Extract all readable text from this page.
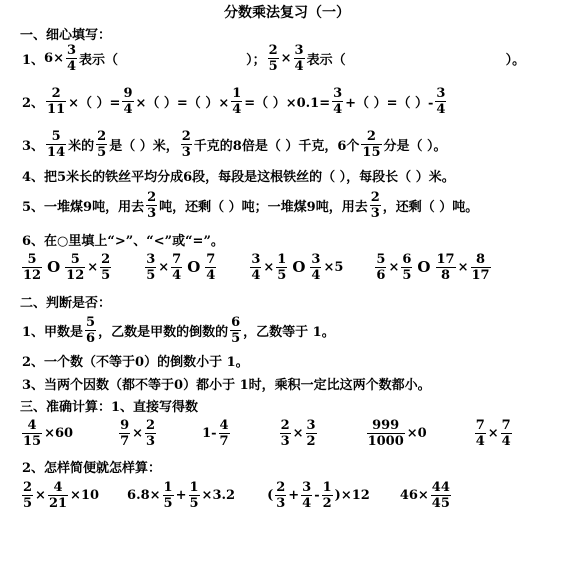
分数乘法复习（一）
一、细心填写：
1、 $6\times \frac{3}{4}$ 表示（	）； $\frac{2}{5} \times \frac{3}{4}$ 表示（	）。
2、 $\frac{2}{11}$ ×（ ）= $\frac{9}{4}$ ×（ ）=（ ）× $\frac{1}{4}$ =（ ）$\times 0.1= \frac{3}{4}$ +（ ）=（ ）- $\frac{3}{4}$
3、 $\frac{5}{14}$ 米的 $\frac{2}{5}$ 是（ ）米， $\frac{2}{3}$ 千克的8倍是（ ）千克，6个 $\frac{2}{15}$ 分是（ ）。
4、把5米长的铁丝平均分成6段，每段是这根铁丝的（ ），每段长（ ）米。
5、一堆煤9吨，用去 $\frac{2}{3}$ 吨，还剩（ ）吨；一堆煤9吨，用去 $\frac{2}{3}$ ，还剩（ ）吨。
6、在○里填上“>”、“<”或“=”。
$\frac{5}{12}$ O $\frac{5}{12} \times \frac{2}{5}$	$\frac{3}{5} \times \frac{7}{4}$ O $\frac{7}{4}$	$\frac{3}{4} \times \frac{1}{5}$ O $\frac{3}{4} \times 5 \frac{5}{6} \times \frac{6}{5}$ O $\frac{17}{8} \times \frac{8}{17}$
二、判断是否：
1、甲数是 $\frac{5}{6}$ ，乙数是甲数的倒数的 $\frac{6}{5}$ ，乙数等于 1。
2、一个数（不等于0）的倒数小于 1。
3、当两个因数（都不等于0）都小于 1时，乘积一定比这两个数都小。
三、准确计算：1、直接写得数
$\frac{4}{15} \times 60$	$\frac{9}{7} \times \frac{2}{3}$	$1- \frac{4}{7}$	$\frac{2}{3} \times \frac{3}{2}$	$\frac{999}{1000} \times 0$	$\frac{7}{4} \times \frac{7}{4}$
2、怎样简便就怎样算：
$\frac{2}{5} \times \frac{4}{21} \times 10$ $6.8\times \frac{1}{5} + \frac{1}{5} \times 3.2$ ( $\frac{2}{3} + \frac{3}{4} - \frac{1}{2} )\times 12$ $46\times \frac{44}{45}$
